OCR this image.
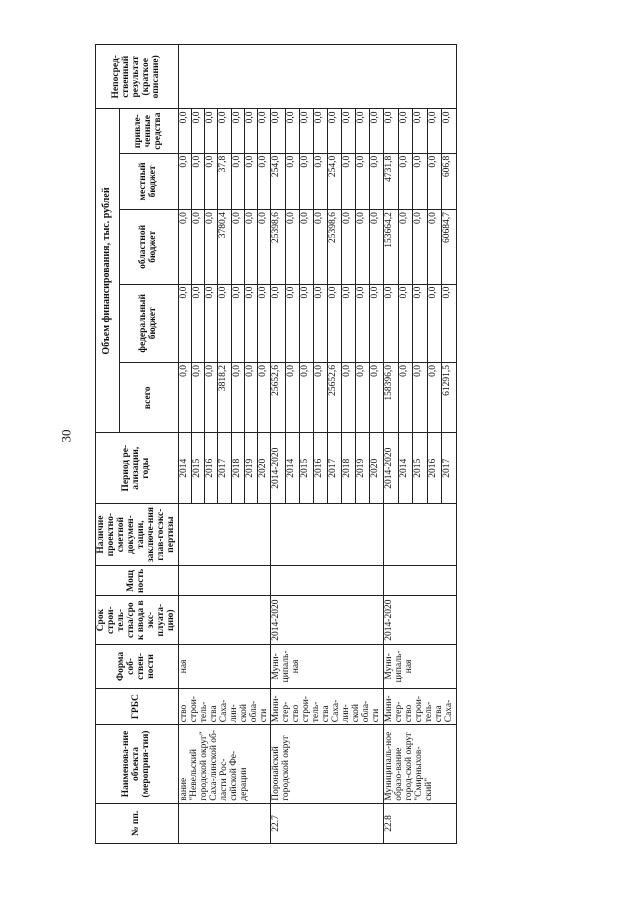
30
№ пп.	Наименова-ние объекта (мероприя-тия)	ГРБС	Форма соб-ствен-ности	Срок строи-тель-ства/сро к ввода в экс-плуата-цию)	Мощ ность	Наличие проектно-сметной докумен-тации, заключе-ния глав-госэкс-пертизы	Период ре-ализации, годы	Объем финансирования, тыс. рублей					Непосред-ственный результат (краткое описание)
								всего	федеральный бюджет	областной бюджет	местный бюджет	привле-ченные средства	
	вание "Невельский городской округ" Саха-линской об-ласти Рос-сийской Фе-дерации	ство строи-тель-ства Саха-лин-ской обла-сти	ная				2014	0,0	0,0	0,0	0,0	0,0	
							2015	0,0	0,0	0,0	0,0	0,0	
							2016	0,0	0,0	0,0	0,0	0,0	
							2017	3818,2	0,0	3780,4	37,8	0,0	
							2018	0,0	0,0	0,0	0,0	0,0	
							2019	0,0	0,0	0,0	0,0	0,0	
							2020	0,0	0,0	0,0	0,0	0,0	
22.7	Поронайский городской округ	Мини-стер-ство строи-тель-ства Саха-лин-ской обла-сти	Муни-ципаль-ная	2014-2020			2014-2020	25652,6	0,0	25398,6	254,0	0,0	
							2014	0,0	0,0	0,0	0,0	0,0	
							2015	0,0	0,0	0,0	0,0	0,0	
							2016	0,0	0,0	0,0	0,0	0,0	
							2017	25652,6	0,0	25398,6	254,0	0,0	
							2018	0,0	0,0	0,0	0,0	0,0	
							2019	0,0	0,0	0,0	0,0	0,0	
							2020	0,0	0,0	0,0	0,0	0,0	
22.8	Муниципаль-ное образо-вание город-ской округ "Смирныхов-ский"	Мини-стер-ство строи-тель-ства Саха-	Муни-ципаль-ная	2014-2020			2014-2020	158396,0	0,0	153664,2	4731,8	0,0	
							2014	0,0	0,0	0,0	0,0	0,0	
							2015	0,0	0,0	0,0	0,0	0,0	
							2016	0,0	0,0	0,0	0,0	0,0	
							2017	61291,5	0,0	60684,7	606,8	0,0	
